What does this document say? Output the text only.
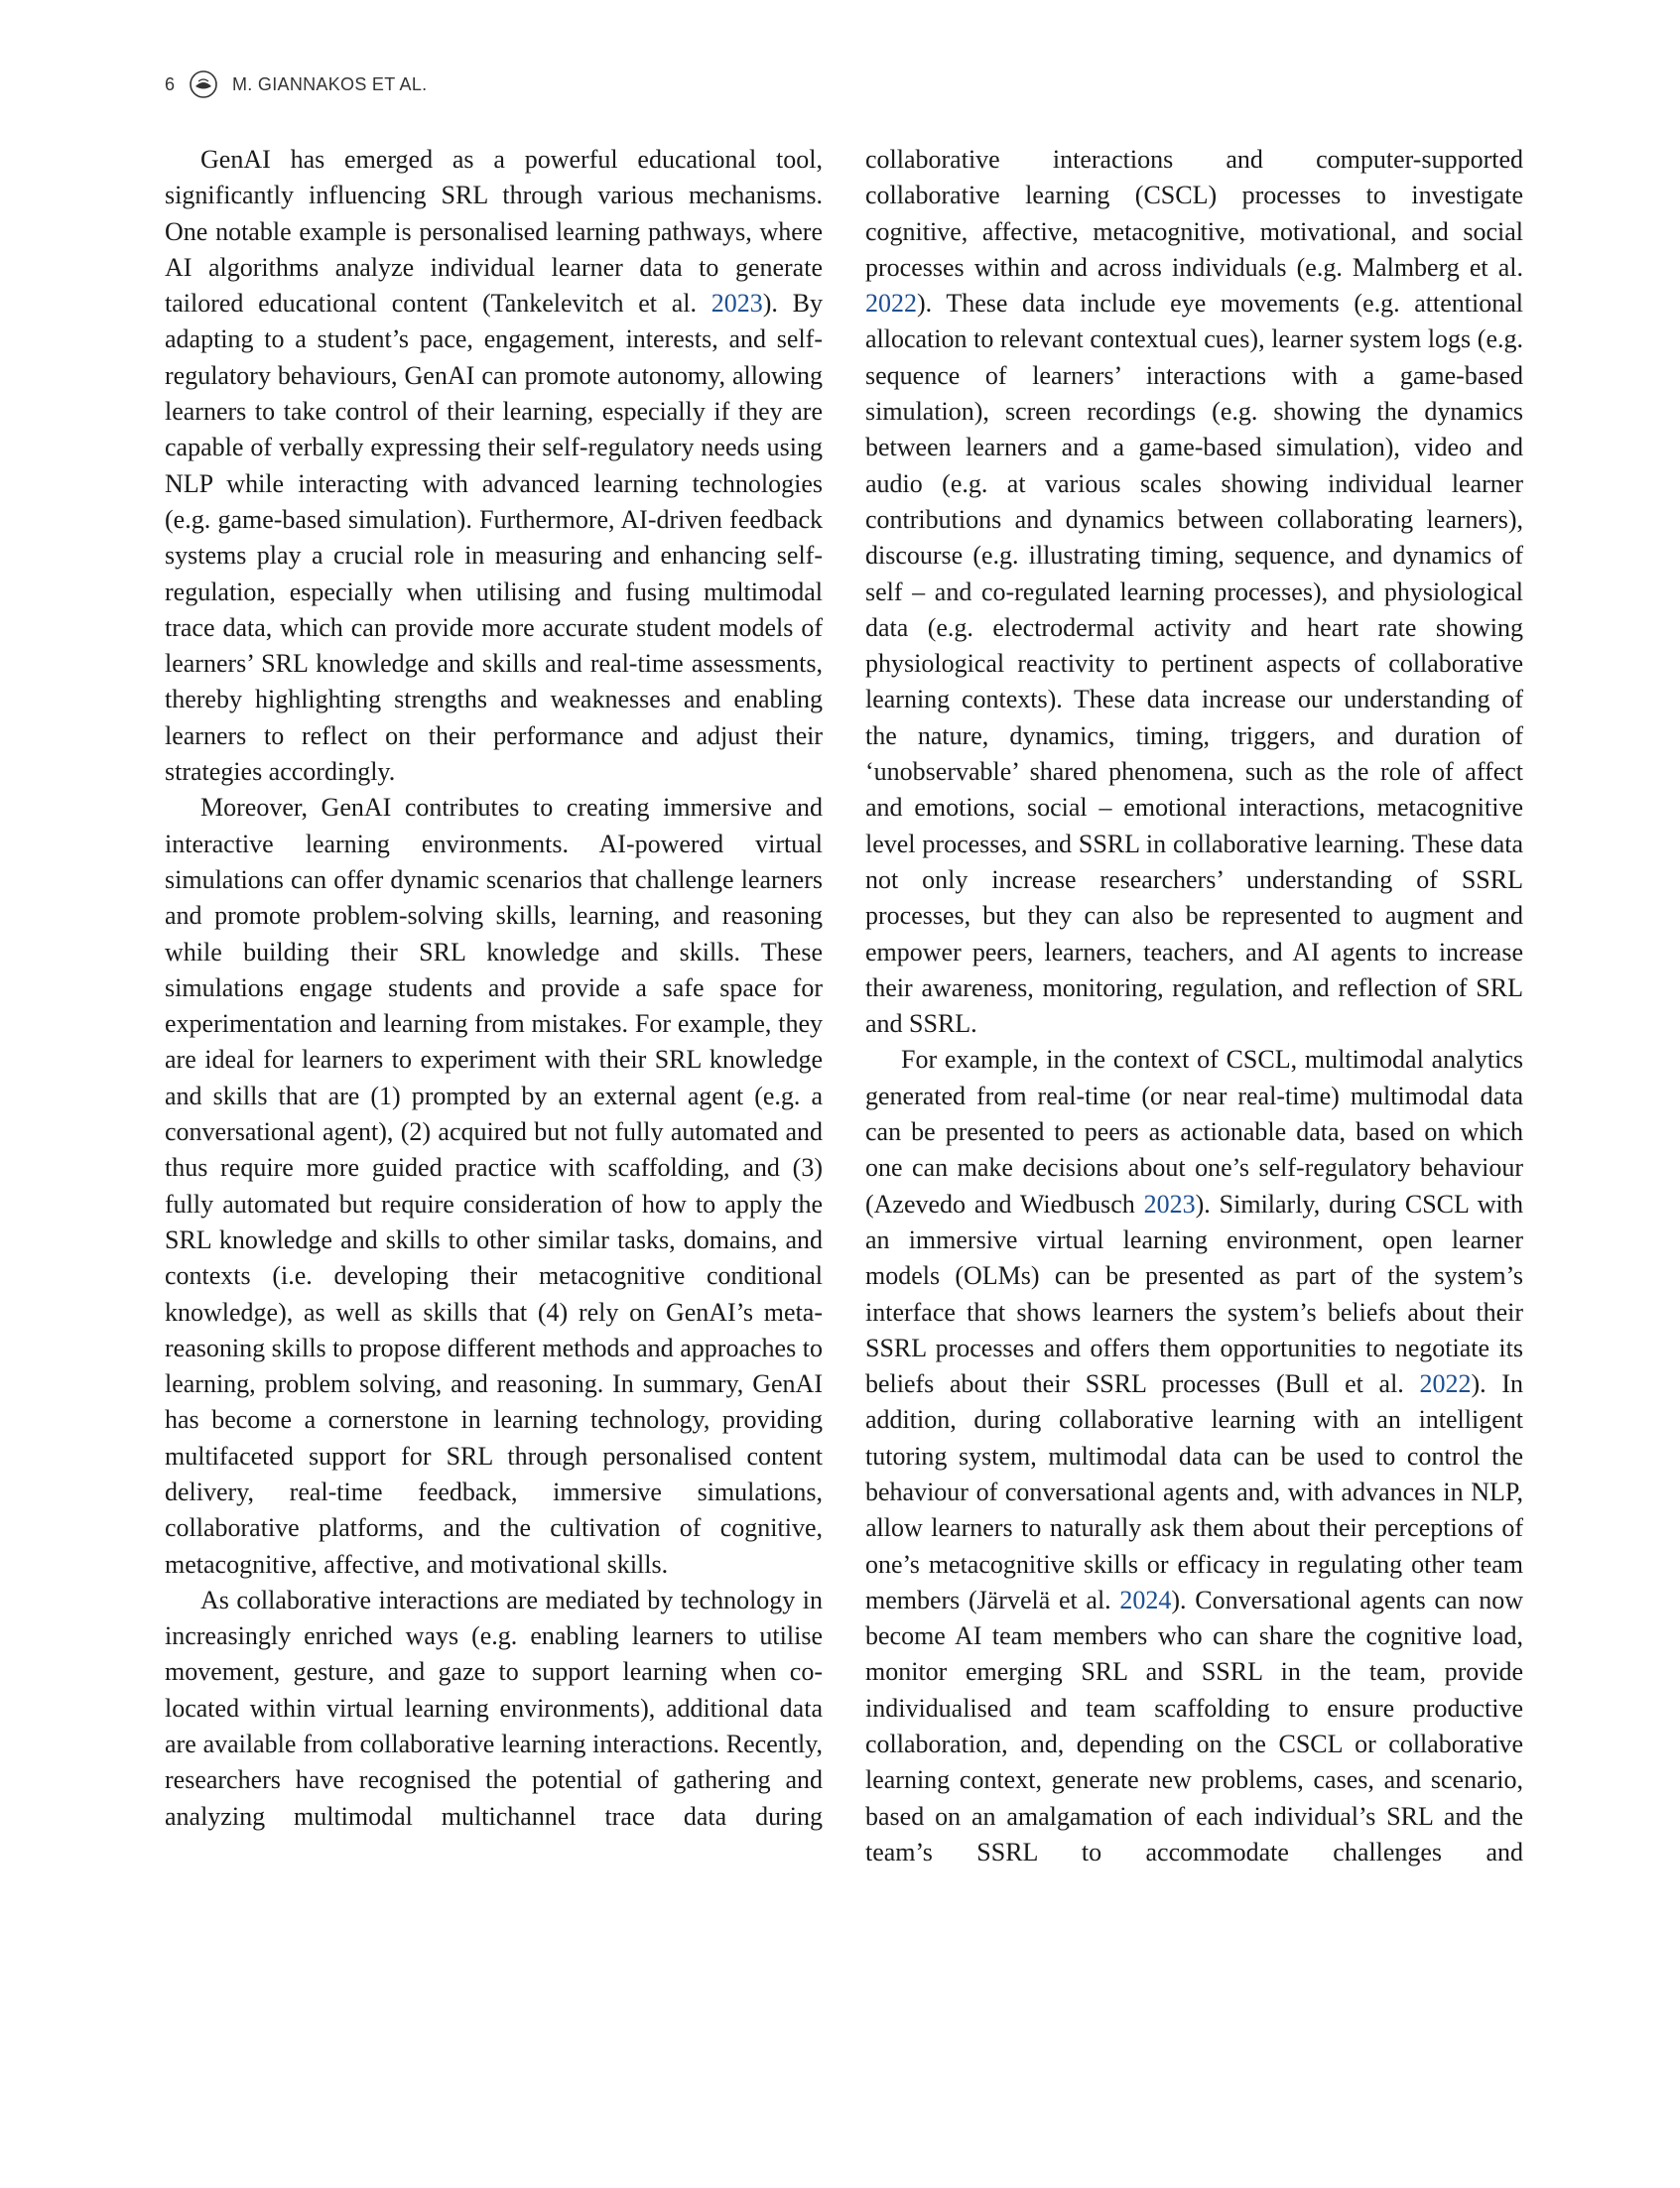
6	M. GIANNAKOS ET AL.

GenAI has emerged as a powerful educational tool, significantly influencing SRL through various mechanisms. One notable example is personalised learning pathways, where AI algorithms analyze individual learner data to generate tailored educational content (Tankelevitch et al. 2023). By adapting to a student’s pace, engagement, interests, and self-regulatory behaviours, GenAI can promote autonomy, allowing learners to take control of their learning, especially if they are capable of verbally expressing their self-regulatory needs using NLP while interacting with advanced learning technologies (e.g. game-based simulation). Furthermore, AI-driven feedback systems play a crucial role in measuring and enhancing self-regulation, especially when utilising and fusing multimodal trace data, which can provide more accurate student models of learners’ SRL knowledge and skills and real-time assessments, thereby highlighting strengths and weaknesses and enabling learners to reflect on their performance and adjust their strategies accordingly.

Moreover, GenAI contributes to creating immersive and interactive learning environments. AI-powered virtual simulations can offer dynamic scenarios that challenge learners and promote problem-solving skills, learning, and reasoning while building their SRL knowledge and skills. These simulations engage students and provide a safe space for experimentation and learning from mistakes. For example, they are ideal for learners to experiment with their SRL knowledge and skills that are (1) prompted by an external agent (e.g. a conversational agent), (2) acquired but not fully automated and thus require more guided practice with scaffolding, and (3) fully automated but require consideration of how to apply the SRL knowledge and skills to other similar tasks, domains, and contexts (i.e. developing their metacognitive conditional knowledge), as well as skills that (4) rely on GenAI’s meta-reasoning skills to propose different methods and approaches to learning, problem solving, and reasoning. In summary, GenAI has become a cornerstone in learning technology, providing multifaceted support for SRL through personalised content delivery, real-time feedback, immersive simulations, collaborative platforms, and the cultivation of cognitive, metacognitive, affective, and motivational skills.

As collaborative interactions are mediated by technology in increasingly enriched ways (e.g. enabling learners to utilise movement, gesture, and gaze to support learning when co-located within virtual learning environments), additional data are available from collaborative learning interactions. Recently, researchers have recognised the potential of gathering and analyzing multimodal multichannel trace data during

collaborative interactions and computer-supported collaborative learning (CSCL) processes to investigate cognitive, affective, metacognitive, motivational, and social processes within and across individuals (e.g. Malmberg et al. 2022). These data include eye movements (e.g. attentional allocation to relevant contextual cues), learner system logs (e.g. sequence of learners’ interactions with a game-based simulation), screen recordings (e.g. showing the dynamics between learners and a game-based simulation), video and audio (e.g. at various scales showing individual learner contributions and dynamics between collaborating learners), discourse (e.g. illustrating timing, sequence, and dynamics of self – and co-regulated learning processes), and physiological data (e.g. electrodermal activity and heart rate showing physiological reactivity to pertinent aspects of collaborative learning contexts). These data increase our understanding of the nature, dynamics, timing, triggers, and duration of ‘unobservable’ shared phenomena, such as the role of affect and emotions, social – emotional interactions, metacognitive level processes, and SSRL in collaborative learning. These data not only increase researchers’ understanding of SSRL processes, but they can also be represented to augment and empower peers, learners, teachers, and AI agents to increase their awareness, monitoring, regulation, and reflection of SRL and SSRL.

For example, in the context of CSCL, multimodal analytics generated from real-time (or near real-time) multimodal data can be presented to peers as actionable data, based on which one can make decisions about one’s self-regulatory behaviour (Azevedo and Wiedbusch 2023). Similarly, during CSCL with an immersive virtual learning environment, open learner models (OLMs) can be presented as part of the system’s interface that shows learners the system’s beliefs about their SSRL processes and offers them opportunities to negotiate its beliefs about their SSRL processes (Bull et al. 2022). In addition, during collaborative learning with an intelligent tutoring system, multimodal data can be used to control the behaviour of conversational agents and, with advances in NLP, allow learners to naturally ask them about their perceptions of one’s metacognitive skills or efficacy in regulating other team members (Järvelä et al. 2024). Conversational agents can now become AI team members who can share the cognitive load, monitor emerging SRL and SSRL in the team, provide individualised and team scaffolding to ensure productive collaboration, and, depending on the CSCL or collaborative learning context, generate new problems, cases, and scenario, based on an amalgamation of each individual’s SRL and the team’s SSRL to accommodate challenges and
